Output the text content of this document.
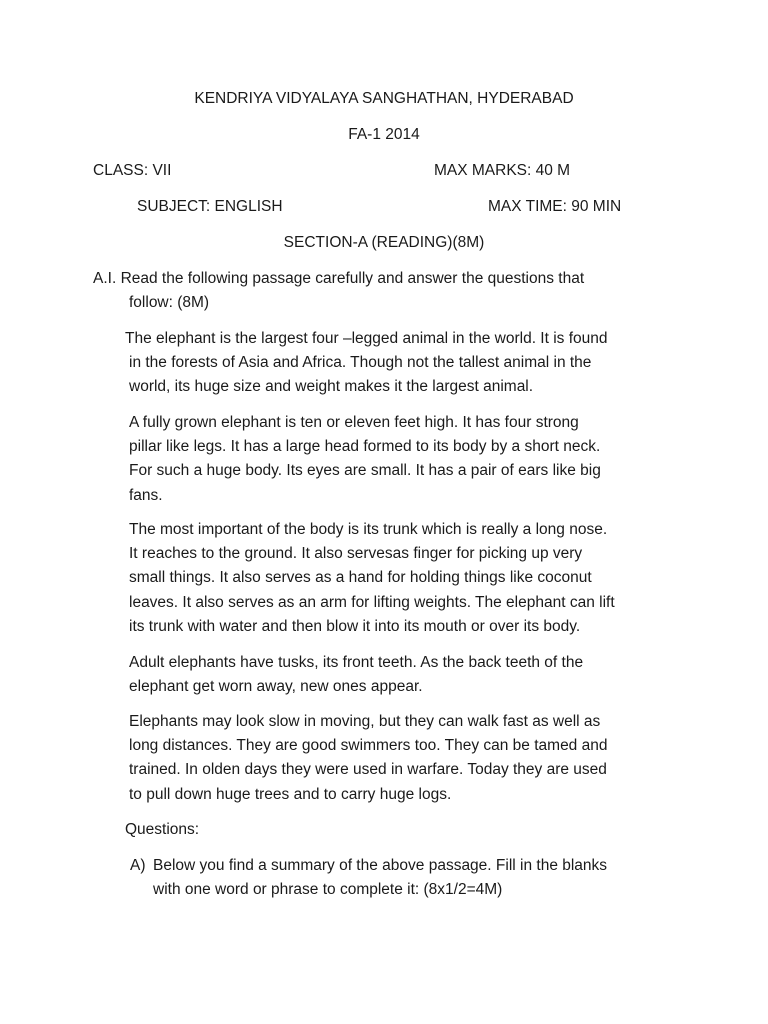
KENDRIYA VIDYALAYA SANGHATHAN, HYDERABAD
FA-1 2014
CLASS: VII	MAX MARKS: 40 M
SUBJECT: ENGLISH	MAX TIME: 90 MIN
SECTION-A (READING)(8M)
A.I. Read the following passage carefully and answer the questions that
follow: (8M)
The elephant is the largest four –legged animal in the world. It is found
in the forests of Asia and Africa. Though not the tallest animal in the
world, its huge size and weight makes it the largest animal.
A fully grown elephant is ten or eleven feet high. It has four strong
pillar like legs. It has a large head formed to its body by a short neck.
For such a huge body. Its eyes are small. It has a pair of ears like big
fans.
The most important of the body is its trunk which is really a long nose.
It reaches to the ground. It also servesas finger for picking up very
small things. It also serves as a hand for holding things like coconut
leaves. It also serves as an arm for lifting weights. The elephant can lift
its trunk with water and then blow it into its mouth or over its body.
Adult elephants have tusks, its front teeth. As the back teeth of the
elephant get worn away, new ones appear.
Elephants may look slow in moving, but they can walk fast as well as
long distances. They are good swimmers too. They can be tamed and
trained. In olden days they were used in warfare. Today they are used
to pull down huge trees and to carry huge logs.
Questions:
A) Below you find a summary of the above passage. Fill in the blanks
with one word or phrase to complete it: (8x1/2=4M)
